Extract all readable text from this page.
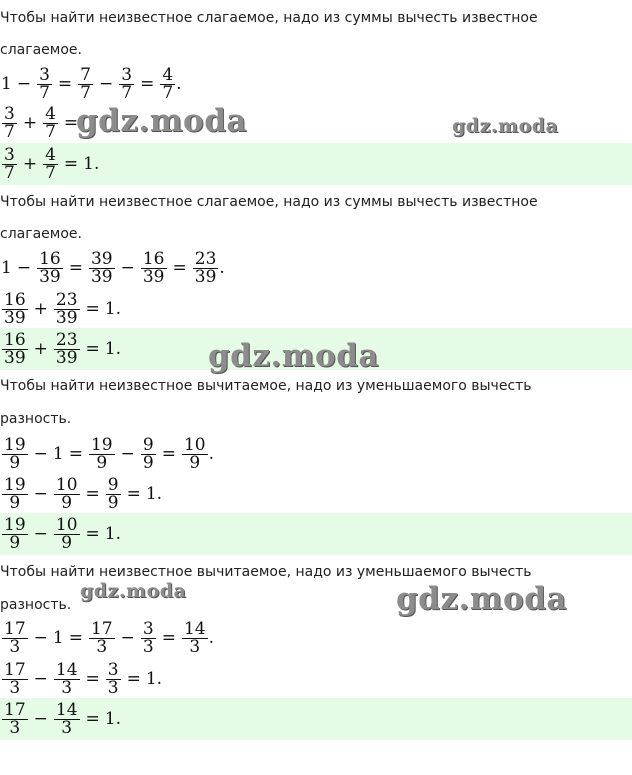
Чтобы найти неизвестное слагаемое, надо из суммы вычесть известное
слагаемое.
$1 - \frac{3}{7} = \frac{7}{7} - \frac{3}{7} = \frac{4}{7}$ .
$\frac{3}{7} + \frac{4}{7}$ =
$\frac{3}{7} + \frac{4}{7} = 1$.
Чтобы найти неизвестное слагаемое, надо из суммы вычесть известное
слагаемое.
$1 - \frac{16}{39} = \frac{39}{39} - \frac{16}{39} = \frac{23}{39}$ .
$\frac{16}{39} + \frac{23}{39} = 1$.
$\frac{16}{39} + \frac{23}{39} = 1$.
Чтобы найти неизвестное вычитаемое, надо из уменьшаемого вычесть
разность.
$\frac{19}{9} - 1 = \frac{19}{9} - \frac{9}{9} = \frac{10}{9}$ .
$\frac{19}{9} - \frac{10}{9} = \frac{9}{9} = 1$.
$\frac{19}{9} - \frac{10}{9} = 1$.
Чтобы найти неизвестное вычитаемое, надо из уменьшаемого вычесть
разность.
$\frac{17}{3} - 1 = \frac{17}{3} - \frac{3}{3} = \frac{14}{3}$ .
$\frac{17}{3} - \frac{14}{3} = \frac{3}{3} = 1$.
$\frac{17}{3} - \frac{14}{3} = 1$.
gdz.moda	gdz.moda
gdz.moda
gdz.moda	gdz.moda
